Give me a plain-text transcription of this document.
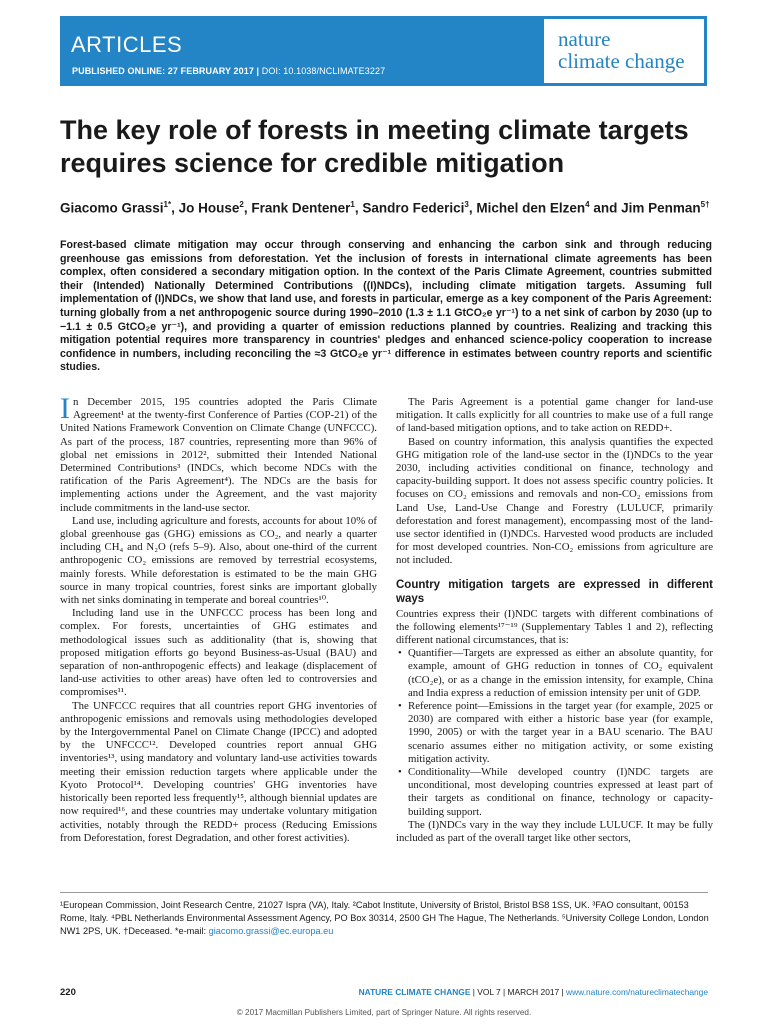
ARTICLES
PUBLISHED ONLINE: 27 FEBRUARY 2017 | DOI: 10.1038/NCLIMATE3227
nature
climate change
The key role of forests in meeting climate targets requires science for credible mitigation
Giacomo Grassi$^{1*}$, Jo House$^2$, Frank Dentener$^1$, Sandro Federici$^3$, Michel den Elzen$^4$ and Jim Penman$^{5\dagger}$
Forest-based climate mitigation may occur through conserving and enhancing the carbon sink and through reducing greenhouse gas emissions from deforestation. Yet the inclusion of forests in international climate agreements has been complex, often considered a secondary mitigation option. In the context of the Paris Climate Agreement, countries submitted their (Intended) Nationally Determined Contributions ((I)NDCs), including climate mitigation targets. Assuming full implementation of (I)NDCs, we show that land use, and forests in particular, emerge as a key component of the Paris Agreement: turning globally from a net anthropogenic source during 1990–2010 (1.3 ± 1.1 GtCO₂e yr⁻¹) to a net sink of carbon by 2030 (up to −1.1 ± 0.5 GtCO₂e yr⁻¹), and providing a quarter of emission reductions planned by countries. Realizing and tracking this mitigation potential requires more transparency in countries' pledges and enhanced science-policy cooperation to increase confidence in numbers, including reconciling the ≈3 GtCO₂e yr⁻¹ difference in estimates between country reports and scientific studies.

In December 2015, 195 countries adopted the Paris Climate Agreement¹ at the twenty-first Conference of Parties (COP-21) of the United Nations Framework Convention on Climate Change (UNFCCC). As part of the process, 187 countries, representing more than 96% of global net emissions in 2012², submitted their Intended National Determined Contributions³ (INDCs, which become NDCs with the ratification of the Paris Agreement⁴). The NDCs are the basis for implementing actions under the Agreement, and the vast majority include commitments in the land-use sector.

Land use, including agriculture and forests, accounts for about 10% of global greenhouse gas (GHG) emissions as CO₂, and nearly a quarter including CH₄ and N₂O (refs 5–9). Also, about one-third of the current anthropogenic CO₂ emissions are removed by terrestrial ecosystems, mainly forests. While deforestation is estimated to be the main GHG source in many tropical countries, forest sinks are important globally with net sinks dominating in temperate and boreal countries¹⁰.

Including land use in the UNFCCC process has been long and complex. For forests, uncertainties of GHG estimates and methodological issues such as additionality (that is, showing that proposed mitigation efforts go beyond Business-as-Usual (BAU) and separation of non-anthropogenic effects) and leakage (displacement of land-use activities to other areas) have often led to controversies and compromises¹¹.

The UNFCCC requires that all countries report GHG inventories of anthropogenic emissions and removals using methodologies developed by the Intergovernmental Panel on Climate Change (IPCC) and adopted by the UNFCCC¹². Developed countries report annual GHG inventories¹³, using mandatory and voluntary land-use activities towards meeting their emission reduction targets where applicable under the Kyoto Protocol¹⁴. Developing countries' GHG inventories have historically been reported less frequently¹⁵, although biennial updates are now required¹⁶, and these countries may undertake voluntary mitigation activities, notably through the REDD+ process (Reducing Emissions from Deforestation, forest Degradation, and other forest activities).

The Paris Agreement is a potential game changer for land-use mitigation. It calls explicitly for all countries to make use of a full range of land-based mitigation options, and to take action on REDD+.

Based on country information, this analysis quantifies the expected GHG mitigation role of the land-use sector in the (I)NDCs to the year 2030, including activities conditional on finance, technology and capacity-building support. It does not assess specific country policies. It focuses on CO₂ emissions and removals and non-CO₂ emissions from Land Use, Land-Use Change and Forestry (LULUCF, primarily deforestation and forest management), encompassing most of the land-use sector identified in (I)NDCs. Harvested wood products are included for most developed countries. Non-CO₂ emissions from agriculture are not included.

Country mitigation targets are expressed in different ways

Countries express their (I)NDC targets with different combinations of the following elements¹⁷⁻¹⁹ (Supplementary Tables 1 and 2), reflecting different national circumstances, that is:

• Quantifier—Targets are expressed as either an absolute quantity, for example, amount of GHG reduction in tonnes of CO₂ equivalent (tCO₂e), or as a change in the emission intensity, for example, China and India express a reduction of emission intensity per unit of GDP.
• Reference point—Emissions in the target year (for example, 2025 or 2030) are compared with either a historic base year (for example, 1990, 2005) or with the target year in a BAU scenario. The BAU scenario assumes either no mitigation activity, or some existing mitigation activity.
• Conditionality—While developed country (I)NDC targets are unconditional, most developing countries expressed at least part of their targets as conditional on finance, technology or capacity-building support.

The (I)NDCs vary in the way they include LULUCF. It may be fully included as part of the overall target like other sectors,

¹European Commission, Joint Research Centre, 21027 Ispra (VA), Italy. ²Cabot Institute, University of Bristol, Bristol BS8 1SS, UK. ³FAO consultant, 00153 Rome, Italy. ⁴PBL Netherlands Environmental Assessment Agency, PO Box 30314, 2500 GH The Hague, The Netherlands. ⁵University College London, London NW1 2PS, UK. †Deceased. *e-mail: giacomo.grassi@ec.europa.eu
220	NATURE CLIMATE CHANGE | VOL 7 | MARCH 2017 | www.nature.com/natureclimatechange
© 2017 Macmillan Publishers Limited, part of Springer Nature. All rights reserved.
